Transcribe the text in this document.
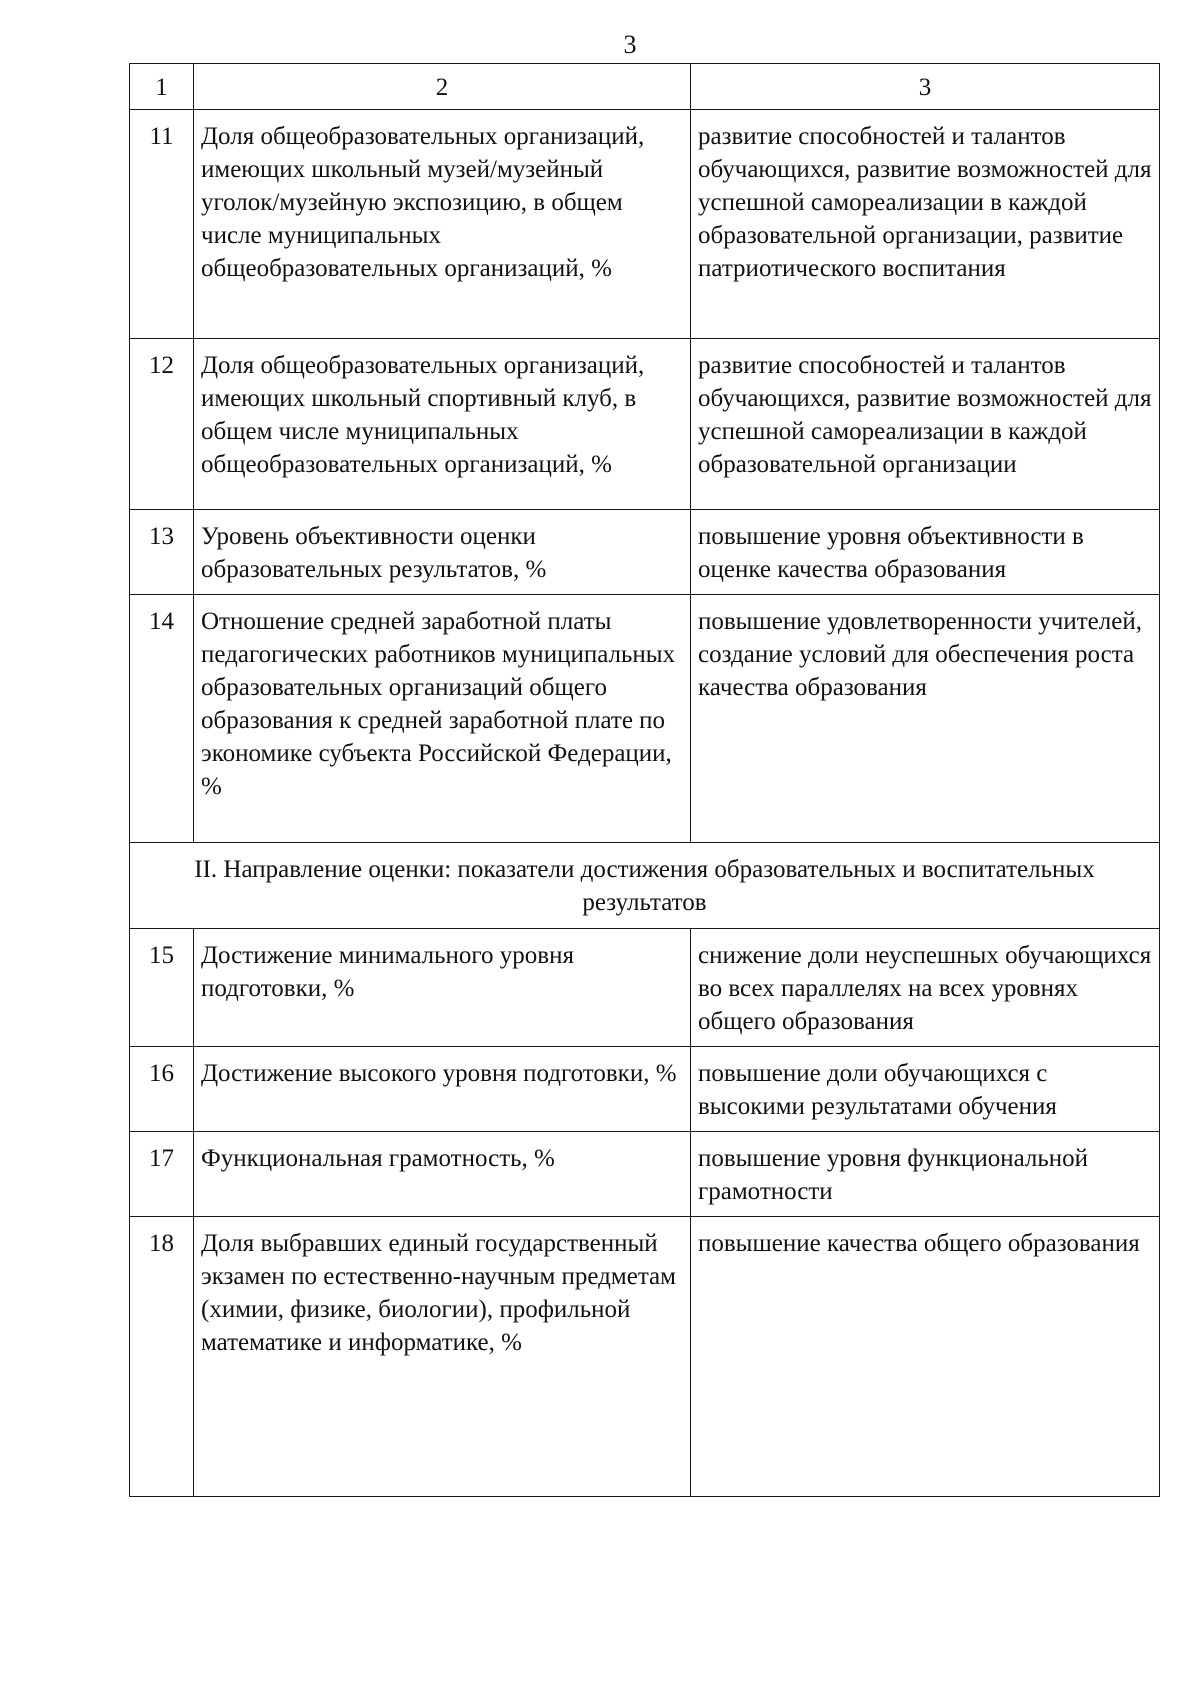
3
1	2	3
11	Доля общеобразовательных организаций, имеющих школьный музей/музейный уголок/музейную экспозицию, в общем числе муниципальных общеобразовательных организаций, %	развитие способностей и талантов обучающихся, развитие возможностей для успешной самореализации в каждой образовательной организации, развитие патриотического воспитания
12	Доля общеобразовательных организаций, имеющих школьный спортивный клуб, в общем числе муниципальных общеобразовательных организаций, %	развитие способностей и талантов обучающихся, развитие возможностей для успешной самореализации в каждой образовательной организации
13	Уровень объективности оценки образовательных результатов, %	повышение уровня объективности в оценке качества образования
14	Отношение средней заработной платы педагогических работников муниципальных образовательных организаций общего образования к средней заработной плате по экономике субъекта Российской Федерации, %	повышение удовлетворенности учителей, создание условий для обеспечения роста качества образования
II. Направление оценки: показатели достижения образовательных и воспитательных результатов		
15	Достижение минимального уровня подготовки, %	снижение доли неуспешных обучающихся во всех параллелях на всех уровнях общего образования
16	Достижение высокого уровня подготовки, %	повышение доли обучающихся с высокими результатами обучения
17	Функциональная грамотность, %	повышение уровня функциональной грамотности
18	Доля выбравших единый государственный экзамен по естественно-научным предметам (химии, физике, биологии), профильной математике и информатике, %	повышение качества общего образования
